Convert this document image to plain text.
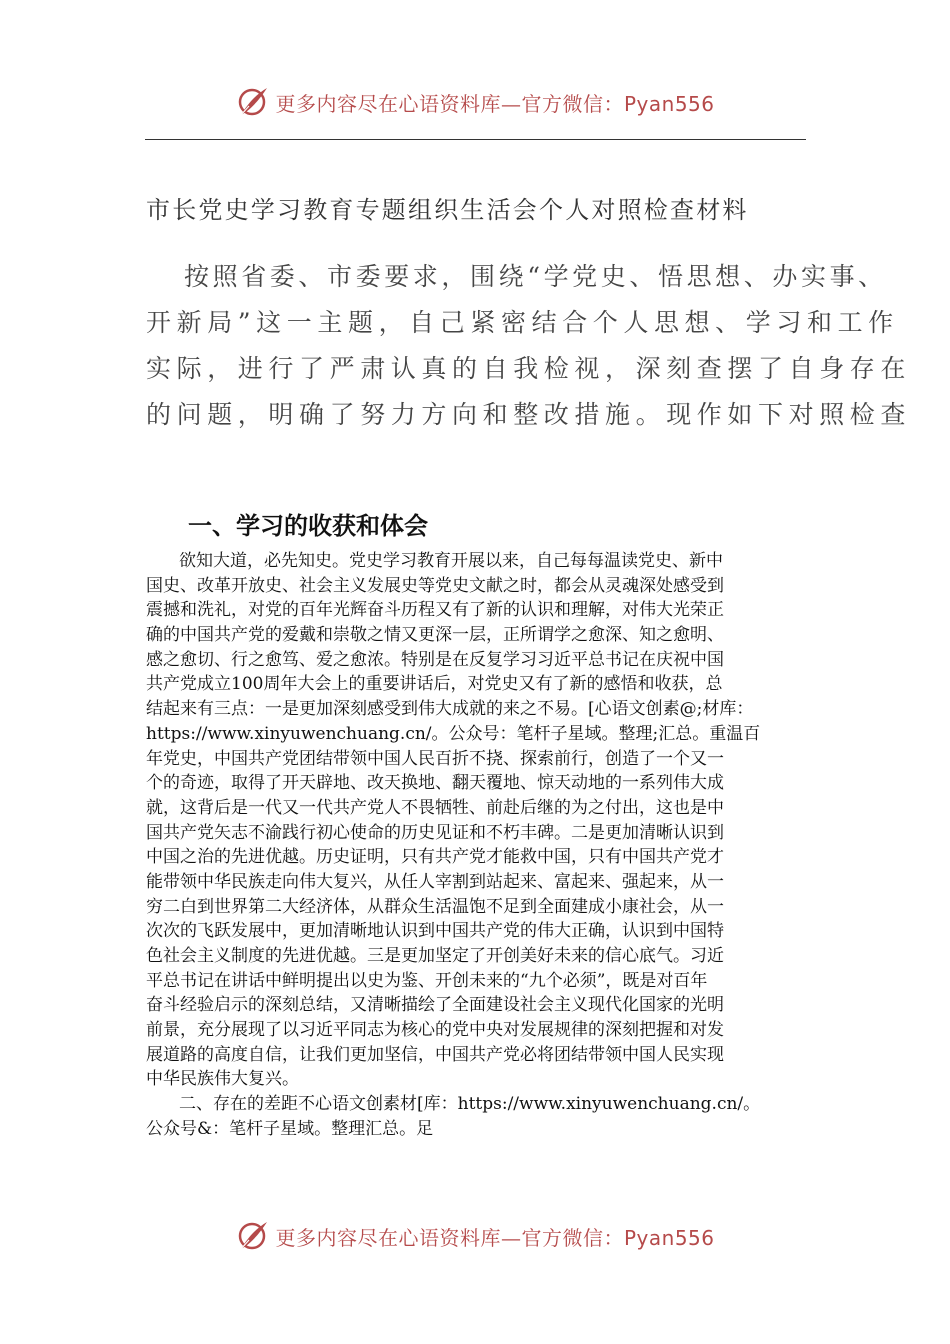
更多内容尽在心语资料库—官方微信：Pyan556
市长党史学习教育专题组织生活会个人对照检查材料
按照省委、市委要求，围绕“学党史、悟思想、办实事、
开新局”这一主题，自己紧密结合个人思想、学习和工作
实际，进行了严肃认真的自我检视，深刻查摆了自身存在
的问题，明确了努力方向和整改措施。现作如下对照检查
一、学习的收获和体会
欲知大道，必先知史。党史学习教育开展以来，自己每每温读党史、新中
国史、改革开放史、社会主义发展史等党史文献之时，都会从灵魂深处感受到
震撼和洗礼，对党的百年光辉奋斗历程又有了新的认识和理解，对伟大光荣正
确的中国共产党的爱戴和崇敬之情又更深一层，正所谓学之愈深、知之愈明、
感之愈切、行之愈笃、爱之愈浓。特别是在反复学习习近平总书记在庆祝中国
共产党成立100周年大会上的重要讲话后，对党史又有了新的感悟和收获，总
结起来有三点：一是更加深刻感受到伟大成就的来之不易。[心语文创素@;材库：
https://www.xinyuwenchuang.cn/。公众号：笔杆子星域。整理;汇总。重温百
年党史，中国共产党团结带领中国人民百折不挠、探索前行，创造了一个又一
个的奇迹，取得了开天辟地、改天换地、翻天覆地、惊天动地的一系列伟大成
就，这背后是一代又一代共产党人不畏牺牲、前赴后继的为之付出，这也是中
国共产党矢志不渝践行初心使命的历史见证和不朽丰碑。二是更加清晰认识到
中国之治的先进优越。历史证明，只有共产党才能救中国，只有中国共产党才
能带领中华民族走向伟大复兴，从任人宰割到站起来、富起来、强起来，从一
穷二白到世界第二大经济体，从群众生活温饱不足到全面建成小康社会，从一
次次的飞跃发展中，更加清晰地认识到中国共产党的伟大正确，认识到中国特
色社会主义制度的先进优越。三是更加坚定了开创美好未来的信心底气。习近
平总书记在讲话中鲜明提出以史为鉴、开创未来的“九个必须”，既是对百年
奋斗经验启示的深刻总结，又清晰描绘了全面建设社会主义现代化国家的光明
前景，充分展现了以习近平同志为核心的党中央对发展规律的深刻把握和对发
展道路的高度自信，让我们更加坚信，中国共产党必将团结带领中国人民实现
中华民族伟大复兴。
二、存在的差距不心语文创素材[库：https://www.xinyuwenchuang.cn/。
公众号&：笔杆子星域。整理汇总。足
更多内容尽在心语资料库—官方微信：Pyan556
